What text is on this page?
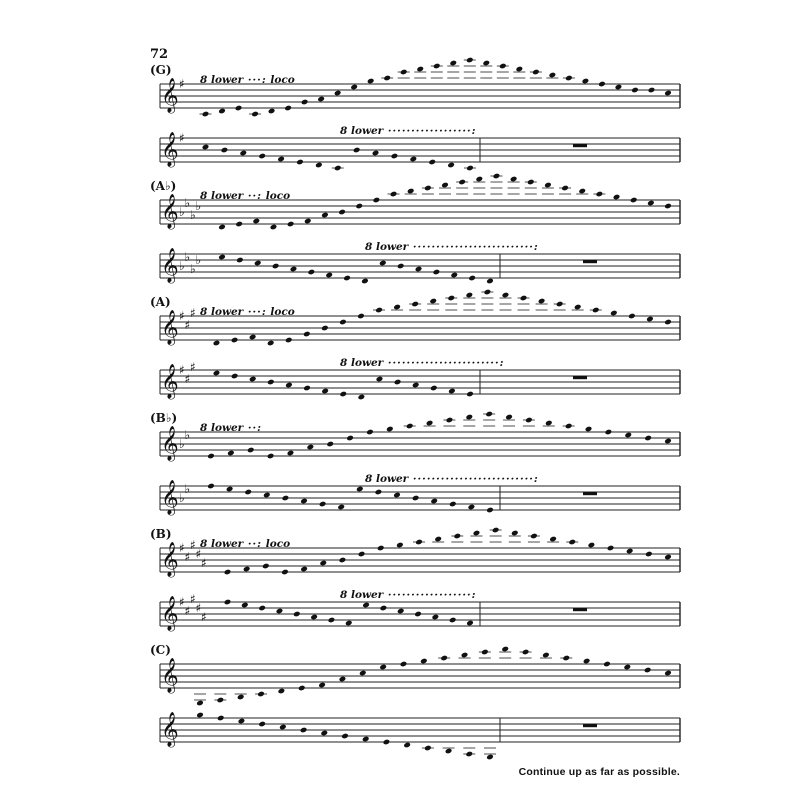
72
(G)
8 lower ···: loco
8 lower ··················:
(A♭)
8 lower ··: loco
8 lower ··························:
(A)
8 lower ···: loco
8 lower ························:
(B♭)
8 lower ··:
8 lower ··························:
(B)
8 lower ··: loco
8 lower ··················:
(C)
𝄞 ♯
𝄞 ♯
𝄞 ♭
♭
♭
♭
𝄞 ♭
♭
♭
♭
𝄞 ♯
♯
♯
𝄞 ♯
♯
♯
𝄞 ♭
♭
𝄞 ♭
♭
𝄞 ♯
♯
♯
♯
♯
𝄞 ♯
♯
♯
♯
♯
𝄞
𝄞
Continue up as far as possible.
